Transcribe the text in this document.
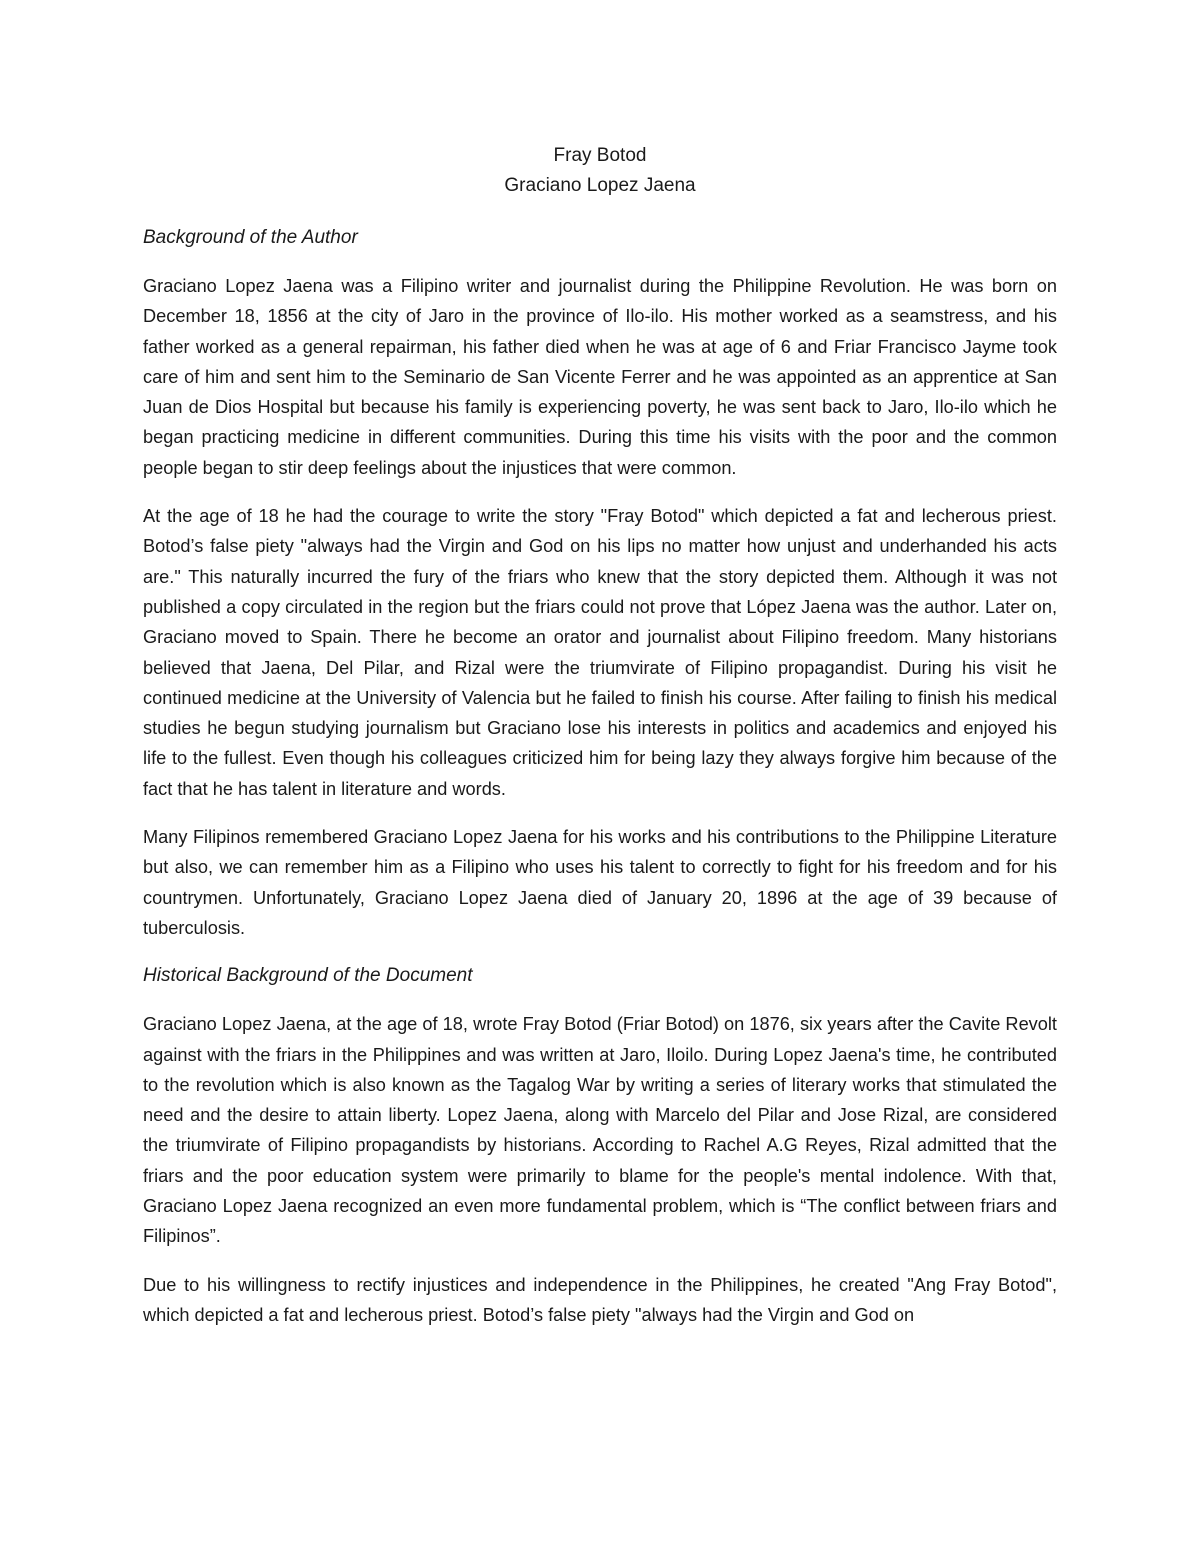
Fray Botod

Graciano Lopez Jaena

Background of the Author

Graciano Lopez Jaena was a Filipino writer and journalist during the Philippine Revolution. He was born on December 18, 1856 at the city of Jaro in the province of Ilo-ilo. His mother worked as a seamstress, and his father worked as a general repairman, his father died when he was at age of 6 and Friar Francisco Jayme took care of him and sent him to the Seminario de San Vicente Ferrer and he was appointed as an apprentice at San Juan de Dios Hospital but because his family is experiencing poverty, he was sent back to Jaro, Ilo-ilo which he began practicing medicine in different communities. During this time his visits with the poor and the common people began to stir deep feelings about the injustices that were common.

At the age of 18 he had the courage to write the story "Fray Botod" which depicted a fat and lecherous priest. Botod’s false piety "always had the Virgin and God on his lips no matter how unjust and underhanded his acts are." This naturally incurred the fury of the friars who knew that the story depicted them. Although it was not published a copy circulated in the region but the friars could not prove that López Jaena was the author. Later on, Graciano moved to Spain. There he become an orator and journalist about Filipino freedom. Many historians believed that Jaena, Del Pilar, and Rizal were the triumvirate of Filipino propagandist. During his visit he continued medicine at the University of Valencia but he failed to finish his course. After failing to finish his medical studies he begun studying journalism but Graciano lose his interests in politics and academics and enjoyed his life to the fullest. Even though his colleagues criticized him for being lazy they always forgive him because of the fact that he has talent in literature and words.

Many Filipinos remembered Graciano Lopez Jaena for his works and his contributions to the Philippine Literature but also, we can remember him as a Filipino who uses his talent to correctly to fight for his freedom and for his countrymen. Unfortunately, Graciano Lopez Jaena died of January 20, 1896 at the age of 39 because of tuberculosis.

Historical Background of the Document

Graciano Lopez Jaena, at the age of 18, wrote Fray Botod (Friar Botod) on 1876, six years after the Cavite Revolt against with the friars in the Philippines and was written at Jaro, Iloilo. During Lopez Jaena's time, he contributed to the revolution which is also known as the Tagalog War by writing a series of literary works that stimulated the need and the desire to attain liberty. Lopez Jaena, along with Marcelo del Pilar and Jose Rizal, are considered the triumvirate of Filipino propagandists by historians. According to Rachel A.G Reyes, Rizal admitted that the friars and the poor education system were primarily to blame for the people's mental indolence. With that, Graciano Lopez Jaena recognized an even more fundamental problem, which is “The conflict between friars and Filipinos”.

Due to his willingness to rectify injustices and independence in the Philippines, he created "Ang Fray Botod", which depicted a fat and lecherous priest. Botod’s false piety "always had the Virgin and God on
